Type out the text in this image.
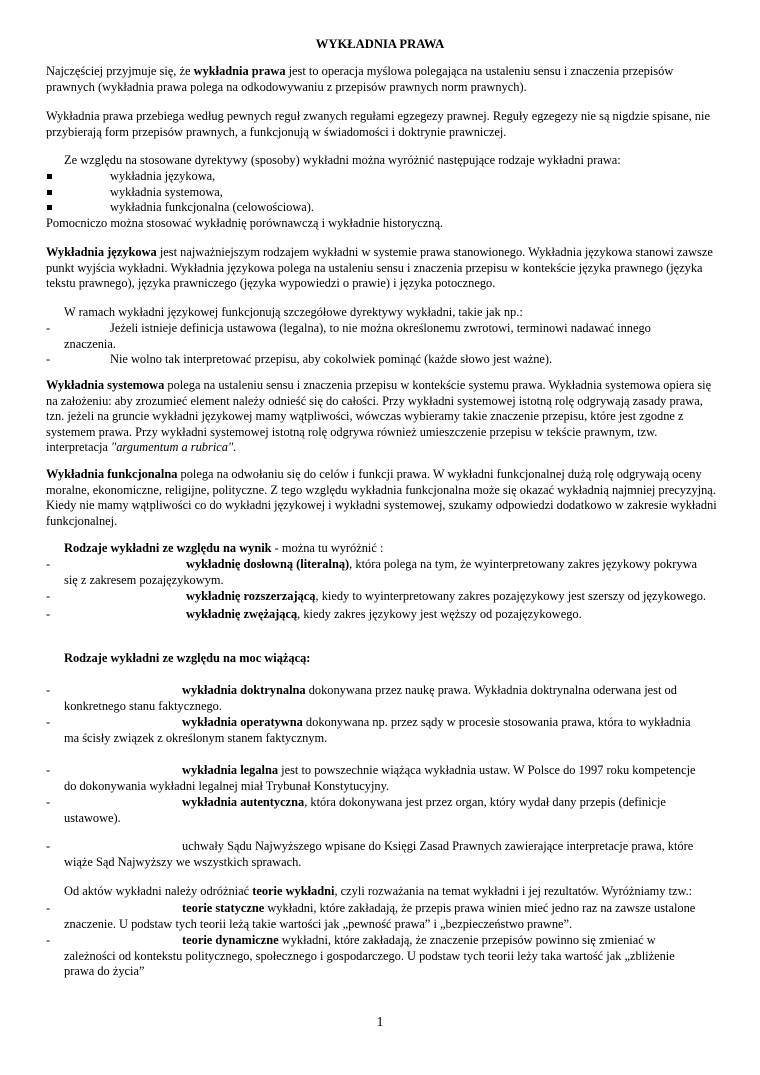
WYKŁADNIA PRAWA

Najczęściej przyjmuje się, że wykładnia prawa jest to operacja myślowa polegająca na ustaleniu sensu i znaczenia przepisów prawnych (wykładnia prawa polega na odkodowywaniu z przepisów prawnych norm prawnych).

Wykładnia prawa przebiega według pewnych reguł zwanych regułami egzegezy prawnej. Reguły egzegezy nie są nigdzie spisane, nie przybierają form przepisów prawnych, a funkcjonują w świadomości i doktrynie prawniczej.

Ze względu na stosowane dyrektywy (sposoby) wykładni można wyróżnić następujące rodzaje wykładni prawa:

wykładnia językowa,
wykładnia systemowa,
wykładnia funkcjonalna (celowościowa).

Pomocniczo można stosować wykładnię porównawczą i wykładnie historyczną.

Wykładnia językowa jest najważniejszym rodzajem wykładni w systemie prawa stanowionego. Wykładnia językowa stanowi zawsze punkt wyjścia wykładni. Wykładnia językowa polega na ustaleniu sensu i znaczenia przepisu w kontekście języka prawnego (języka tekstu prawnego), języka prawniczego (języka wypowiedzi o prawie) i języka potocznego.

W ramach wykładni językowej funkcjonują szczegółowe dyrektywy wykładni, takie jak np.:

-	Jeżeli istnieje definicja ustawowa (legalna), to nie można określonemu zwrotowi, terminowi nadawać innego
znaczenia.
-	Nie wolno tak interpretować przepisu, aby cokolwiek pominąć (każde słowo jest ważne).

Wykładnia systemowa polega na ustaleniu sensu i znaczenia przepisu w kontekście systemu prawa. Wykładnia systemowa opiera się na założeniu: aby zrozumieć element należy odnieść się do całości. Przy wykładni systemowej istotną rolę odgrywają zasady prawa, tzn. jeżeli na gruncie wykładni językowej mamy wątpliwości, wówczas wybieramy takie znaczenie przepisu, które jest zgodne z systemem prawa. Przy wykładni systemowej istotną rolę odgrywa również umieszczenie przepisu w tekście prawnym, tzw. interpretacja "argumentum a rubrica".

Wykładnia funkcjonalna polega na odwołaniu się do celów i funkcji prawa. W wykładni funkcjonalnej dużą rolę odgrywają oceny moralne, ekonomiczne, religijne, polityczne. Z tego względu wykładnia funkcjonalna może się okazać wykładnią najmniej precyzyjną. Kiedy nie mamy wątpliwości co do wykładni językowej i wykładni systemowej, szukamy odpowiedzi dodatkowo w zakresie wykładni funkcjonalnej.

Rodzaje wykładni ze względu na wynik - można tu wyróżnić :
-	wykładnię dosłowną (literalną), która polega na tym, że wyinterpretowany zakres językowy pokrywa
się z zakresem pozajęzykowym.
-	wykładnię rozszerzającą, kiedy to wyinterpretowany zakres pozajęzykowy jest szerszy od językowego.
-	wykładnię zwężającą, kiedy zakres językowy jest węższy od pozajęzykowego.
Rodzaje wykładni ze względu na moc wiążącą:
-	wykładnia doktrynalna dokonywana przez naukę prawa. Wykładnia doktrynalna oderwana jest od
konkretnego stanu faktycznego.
-	wykładnia operatywna dokonywana np. przez sądy w procesie stosowania prawa, która to wykładnia
ma ścisły związek z określonym stanem faktycznym.
-	wykładnia legalna jest to powszechnie wiążąca wykładnia ustaw. W Polsce do 1997 roku kompetencje
do dokonywania wykładni legalnej miał Trybunał Konstytucyjny.
-	wykładnia autentyczna, która dokonywana jest przez organ, który wydał dany przepis (definicje
ustawowe).
-	uchwały Sądu Najwyższego wpisane do Księgi Zasad Prawnych zawierające interpretacje prawa, które
wiąże Sąd Najwyższy we wszystkich sprawach.

Od aktów wykładni należy odróżniać teorie wykładni, czyli rozważania na temat wykładni i jej rezultatów. Wyróżniamy tzw.:

-	teorie statyczne wykładni, które zakładają, że przepis prawa winien mieć jedno raz na zawsze ustalone
znaczenie. U podstaw tych teorii leżą takie wartości jak „pewność prawa” i „bezpieczeństwo prawne”.
-	teorie dynamiczne wykładni, które zakładają, że znaczenie przepisów powinno się zmieniać w
zależności od kontekstu politycznego, społecznego i gospodarczego. U podstaw tych teorii leży taka wartość jak „zbliżenie
prawa do życia”
1
